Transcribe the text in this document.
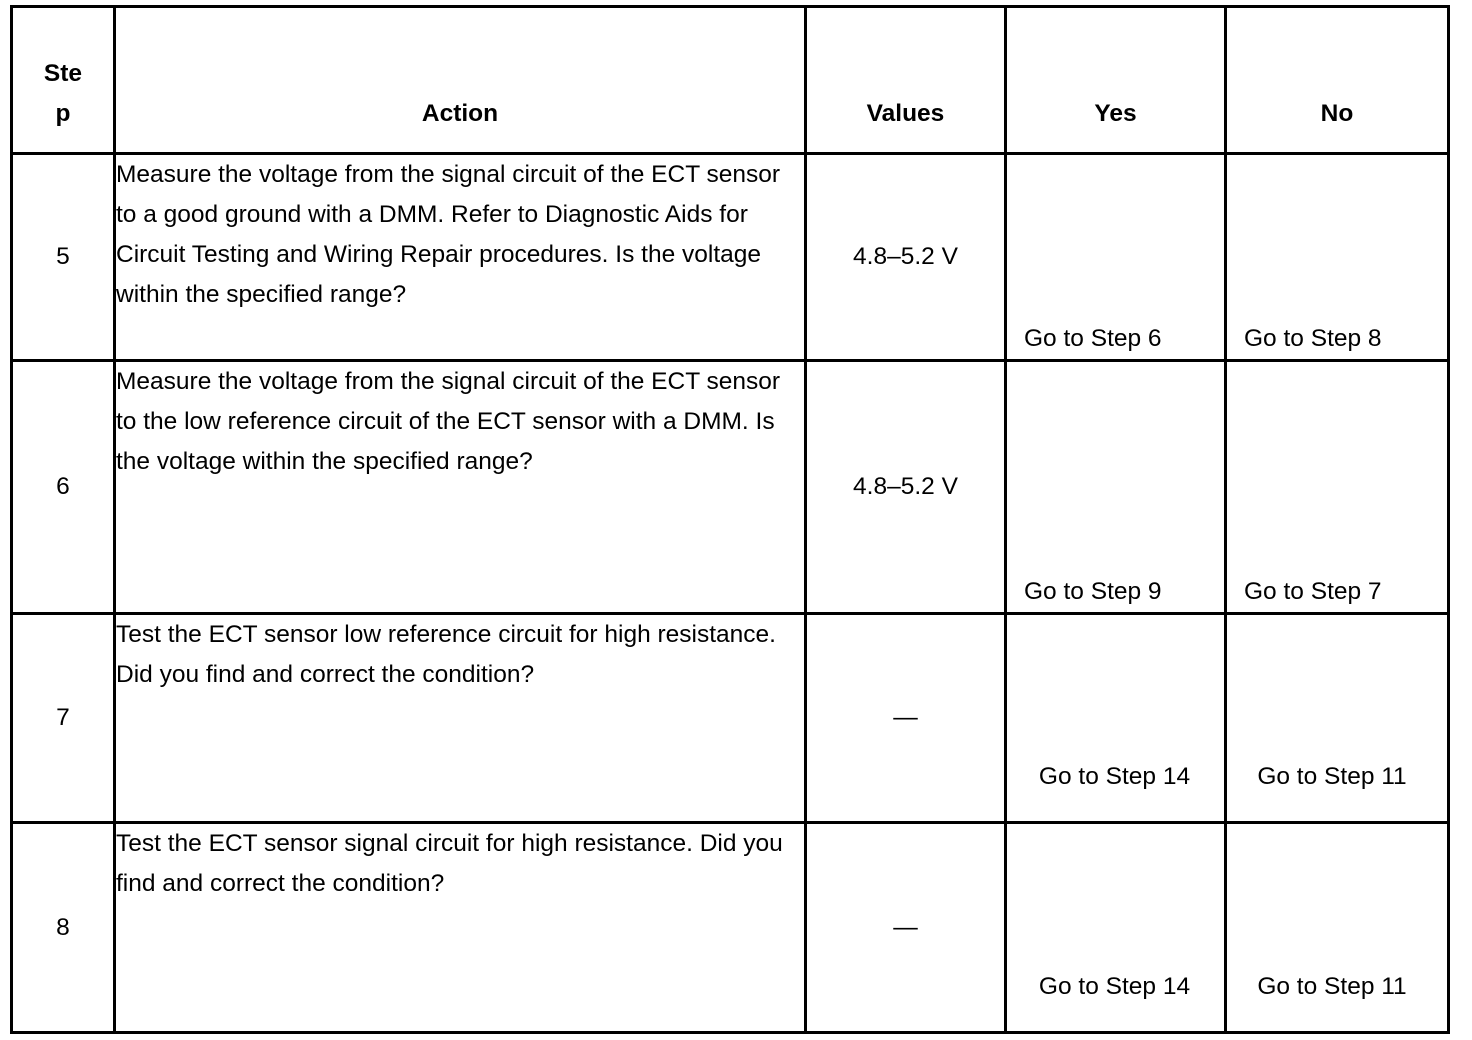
Step	Action	Values	Yes	No
5	Measure the voltage from the signal circuit of the ECT sensor to a good ground with a DMM. Refer to Diagnostic Aids for Circuit Testing and Wiring Repair procedures. Is the voltage within the specified range?	4.8–5.2 V	Go to Step 6	Go to Step 8
6	Measure the voltage from the signal circuit of the ECT sensor to the low reference circuit of the ECT sensor with a DMM. Is the voltage within the specified range?	4.8–5.2 V	Go to Step 9	Go to Step 7
7	Test the ECT sensor low reference circuit for high resistance. Did you find and correct the condition?	—	Go to Step 14	Go to Step 11
8	Test the ECT sensor signal circuit for high resistance. Did you find and correct the condition?	—	Go to Step 14	Go to Step 11
